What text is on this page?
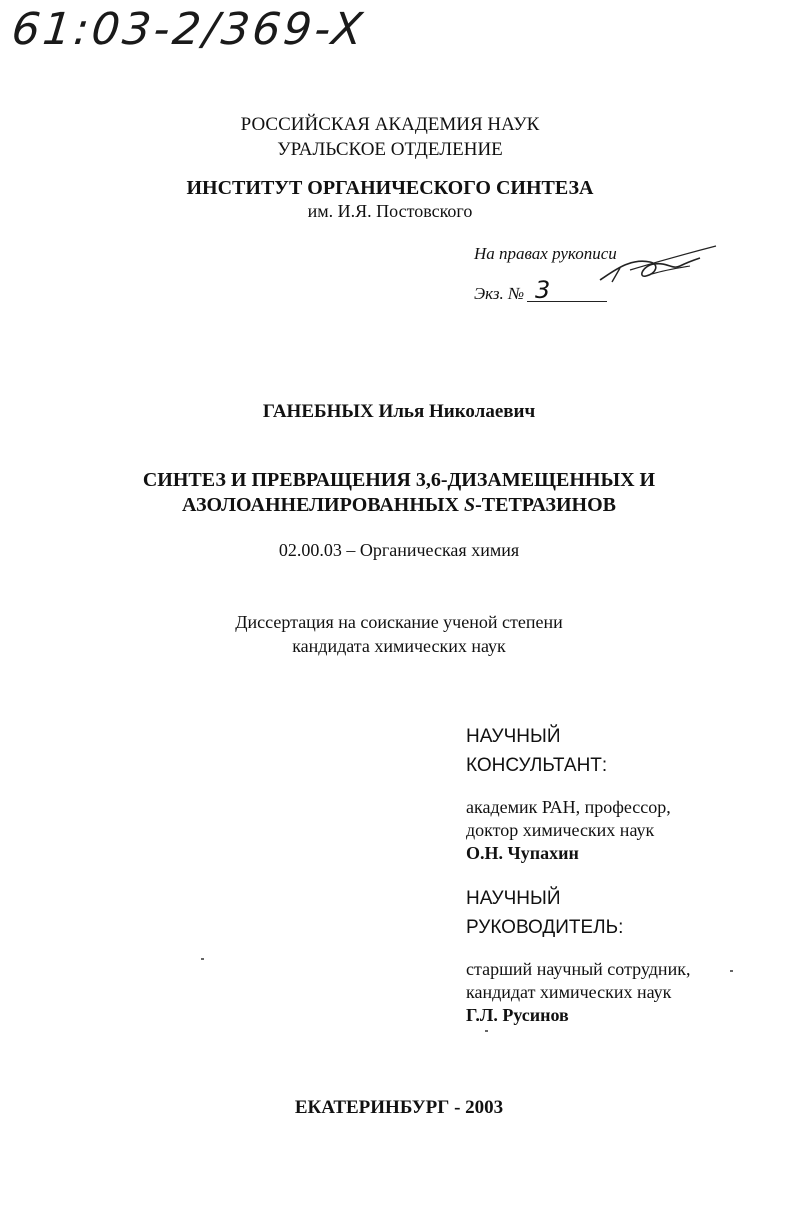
61:03-2/369-X
РОССИЙСКАЯ АКАДЕМИЯ НАУК
УРАЛЬСКОЕ ОТДЕЛЕНИЕ
ИНСТИТУТ ОРГАНИЧЕСКОГО СИНТЕЗА
им. И.Я. Постовского
На правах рукописи
Экз. № 3
ГАНЕБНЫХ Илья Николаевич
СИНТЕЗ И ПРЕВРАЩЕНИЯ 3,6-ДИЗАМЕЩЕННЫХ И
АЗОЛОАННЕЛИРОВАННЫХ S-ТЕТРАЗИНОВ
02.00.03 – Органическая химия
Диссертация на соискание ученой степени
кандидата химических наук
НАУЧНЫЙ
КОНСУЛЬТАНТ:
академик РАН, профессор,
доктор химических наук
О.Н. Чупахин
НАУЧНЫЙ
РУКОВОДИТЕЛЬ:
старший научный сотрудник,
кандидат химических наук
Г.Л. Русинов
ЕКАТЕРИНБУРГ - 2003
